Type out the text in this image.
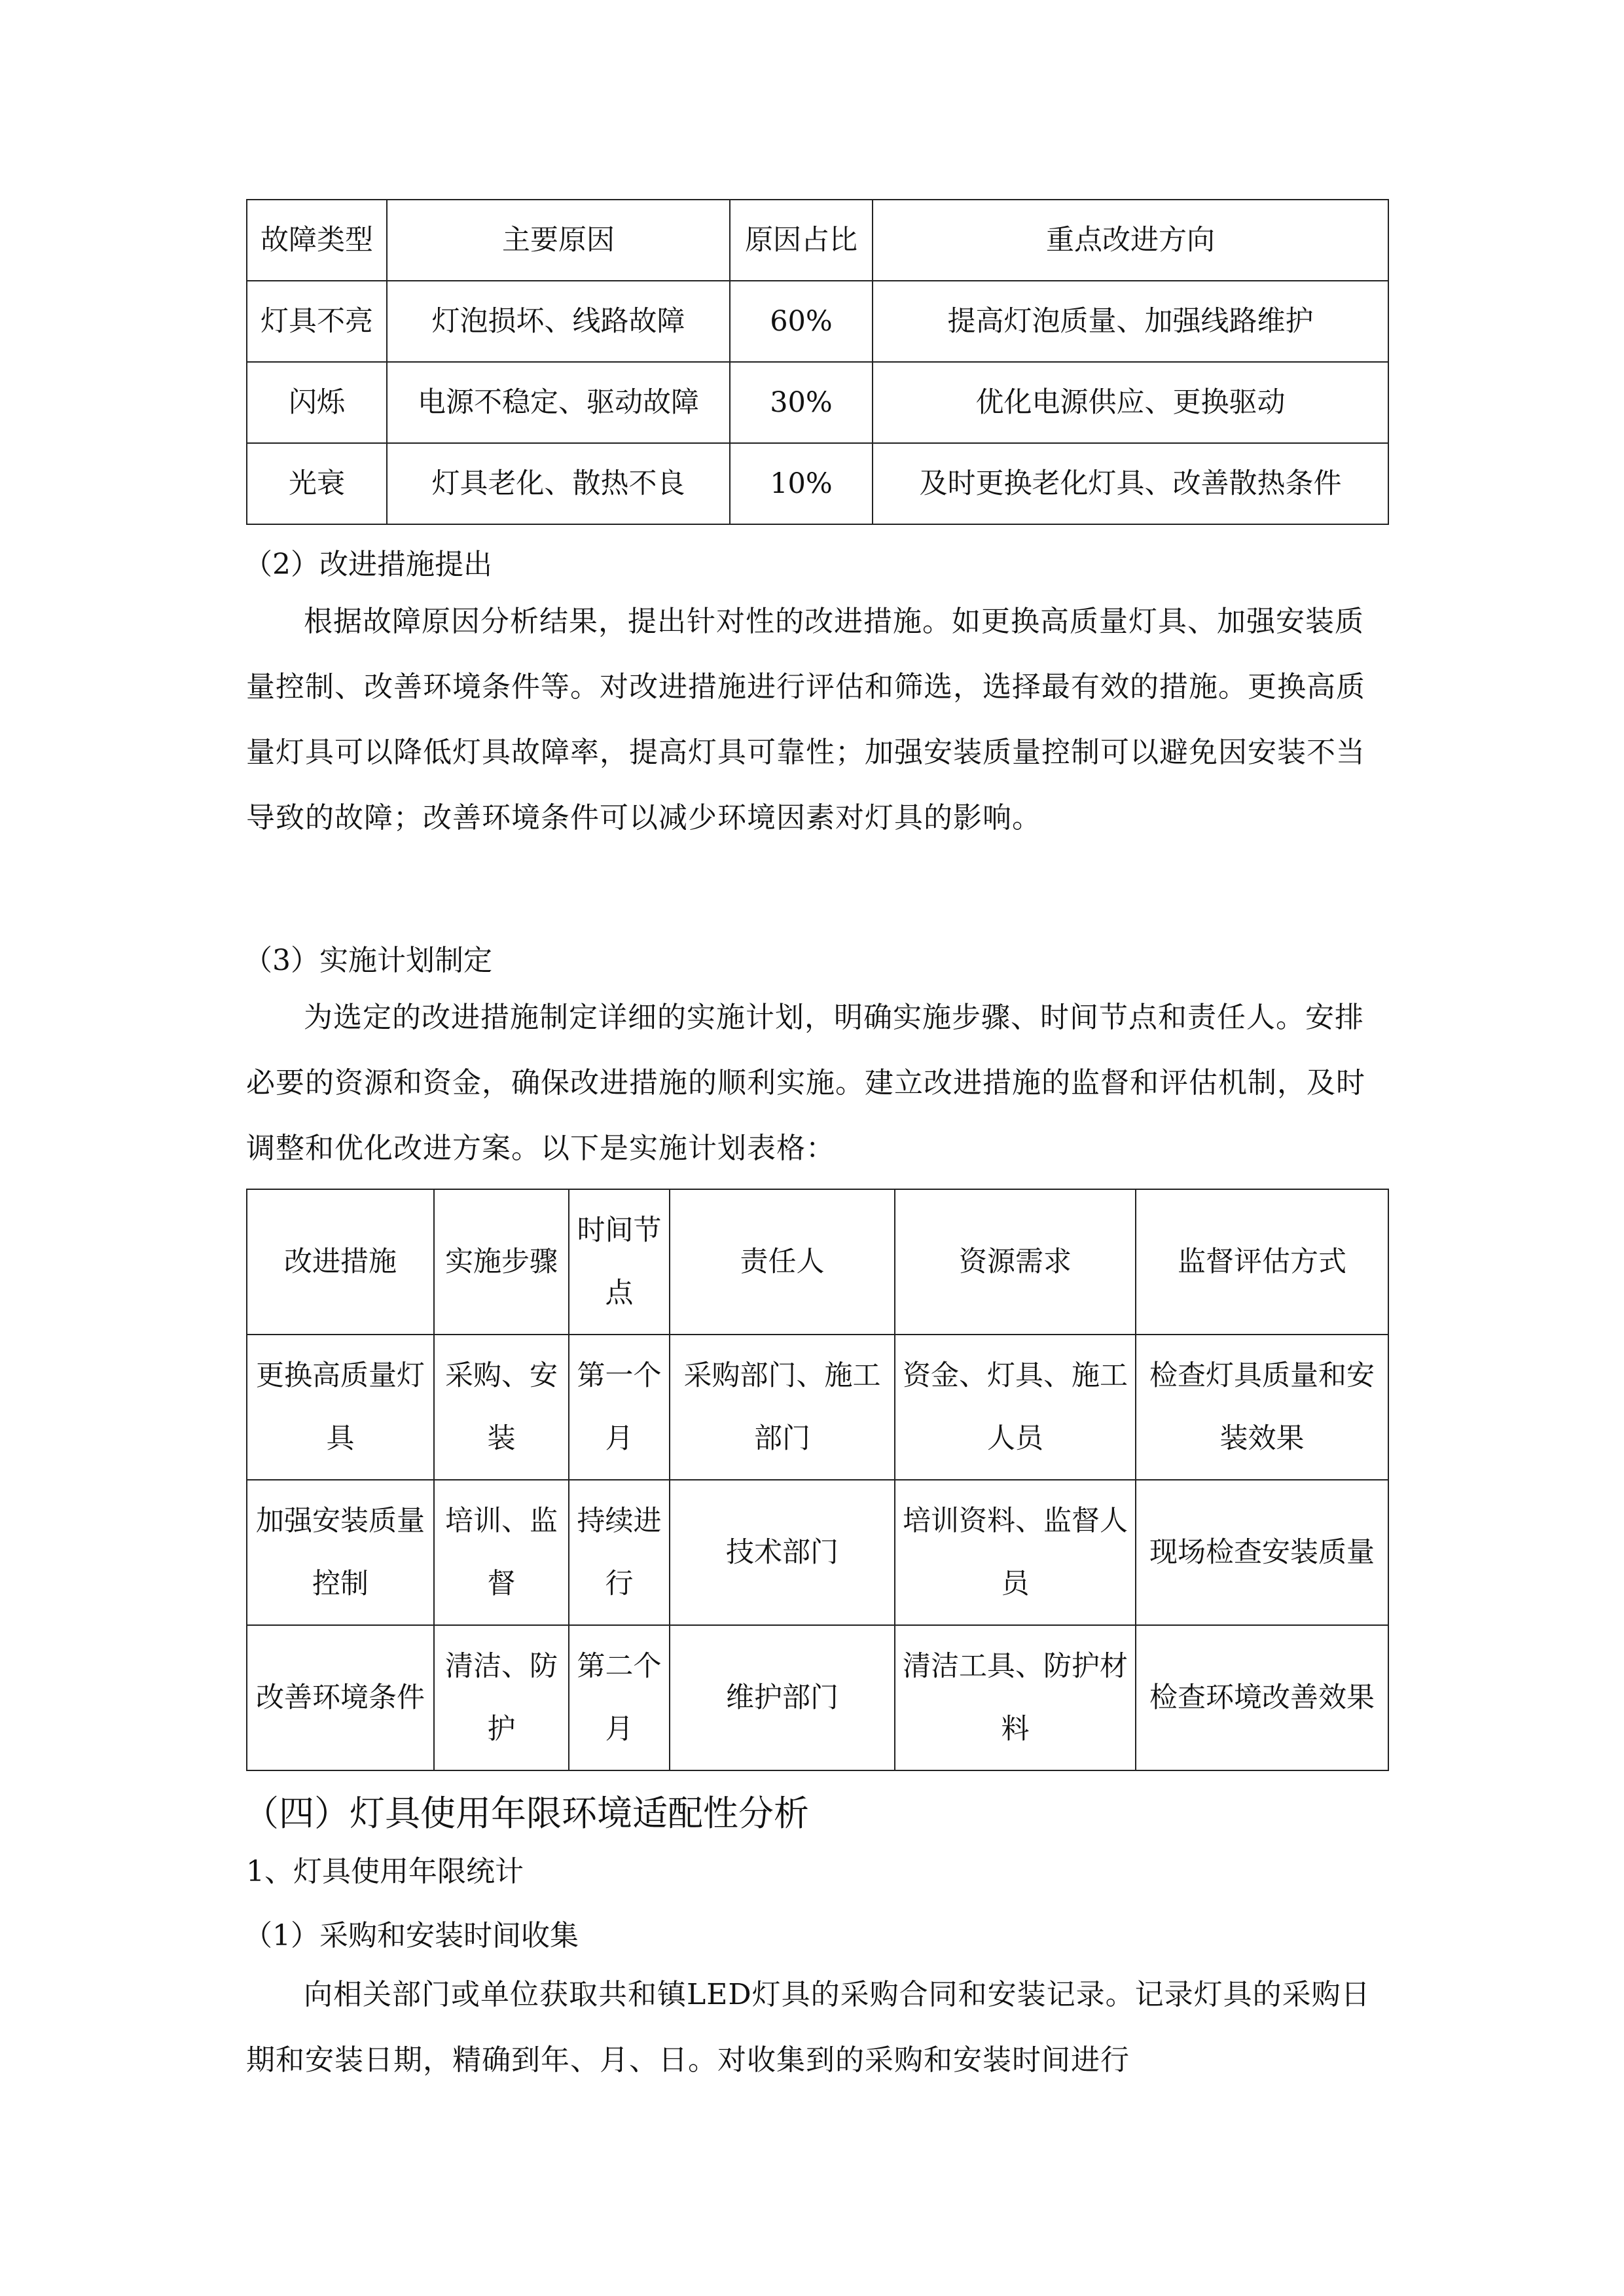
故障类型	主要原因	原因占比	重点改进方向
灯具不亮	灯泡损坏、线路故障	60%	提高灯泡质量、加强线路维护
闪烁	电源不稳定、驱动故障	30%	优化电源供应、更换驱动
光衰	灯具老化、散热不良	10%	及时更换老化灯具、改善散热条件
（2）改进措施提出
根据故障原因分析结果，提出针对性的改进措施。如更换高质量灯具、加强安装质量控制、改善环境条件等。对改进措施进行评估和筛选，选择最有效的措施。更换高质量灯具可以降低灯具故障率，提高灯具可靠性；加强安装质量控制可以避免因安装不当导致的故障；改善环境条件可以减少环境因素对灯具的影响。
（3）实施计划制定
为选定的改进措施制定详细的实施计划，明确实施步骤、时间节点和责任人。安排必要的资源和资金，确保改进措施的顺利实施。建立改进措施的监督和评估机制，及时调整和优化改进方案。以下是实施计划表格：
改进措施	实施步骤	时间节点	责任人	资源需求	监督评估方式
更换高质量灯具	采购、安装	第一个月	采购部门、施工部门	资金、灯具、施工人员	检查灯具质量和安装效果
加强安装质量控制	培训、监督	持续进行	技术部门	培训资料、监督人员	现场检查安装质量
改善环境条件	清洁、防护	第二个月	维护部门	清洁工具、防护材料	检查环境改善效果
（四）灯具使用年限环境适配性分析
1、灯具使用年限统计
（1）采购和安装时间收集
向相关部门或单位获取共和镇LED灯具的采购合同和安装记录。记录灯具的采购日期和安装日期，精确到年、月、日。对收集到的采购和安装时间进行
